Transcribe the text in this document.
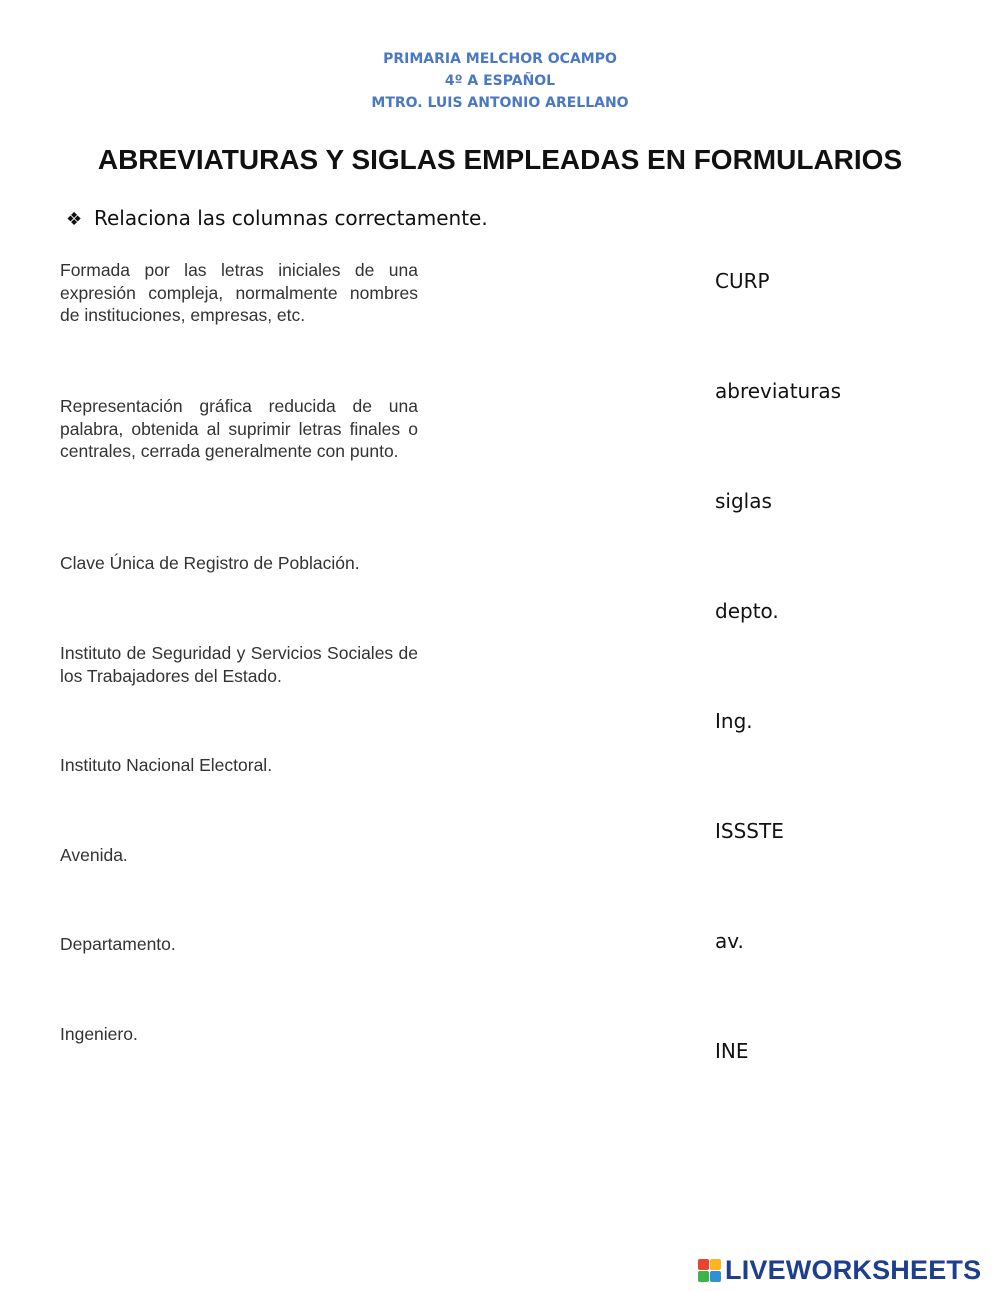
PRIMARIA MELCHOR OCAMPO
4º A ESPAÑOL
MTRO. LUIS ANTONIO ARELLANO
ABREVIATURAS Y SIGLAS EMPLEADAS EN FORMULARIOS
❖ Relaciona las columnas correctamente.
Formada por las letras iniciales de una expresión compleja, normalmente nombres de instituciones, empresas, etc.
Representación gráfica reducida de una palabra, obtenida al suprimir letras finales o centrales, cerrada generalmente con punto.
Clave Única de Registro de Población.
Instituto de Seguridad y Servicios Sociales de los Trabajadores del Estado.
Instituto Nacional Electoral.
Avenida.
Departamento.
Ingeniero.
CURP
abreviaturas
siglas
depto.
Ing.
ISSSTE
av.
INE
LIVEWORKSHEETS
